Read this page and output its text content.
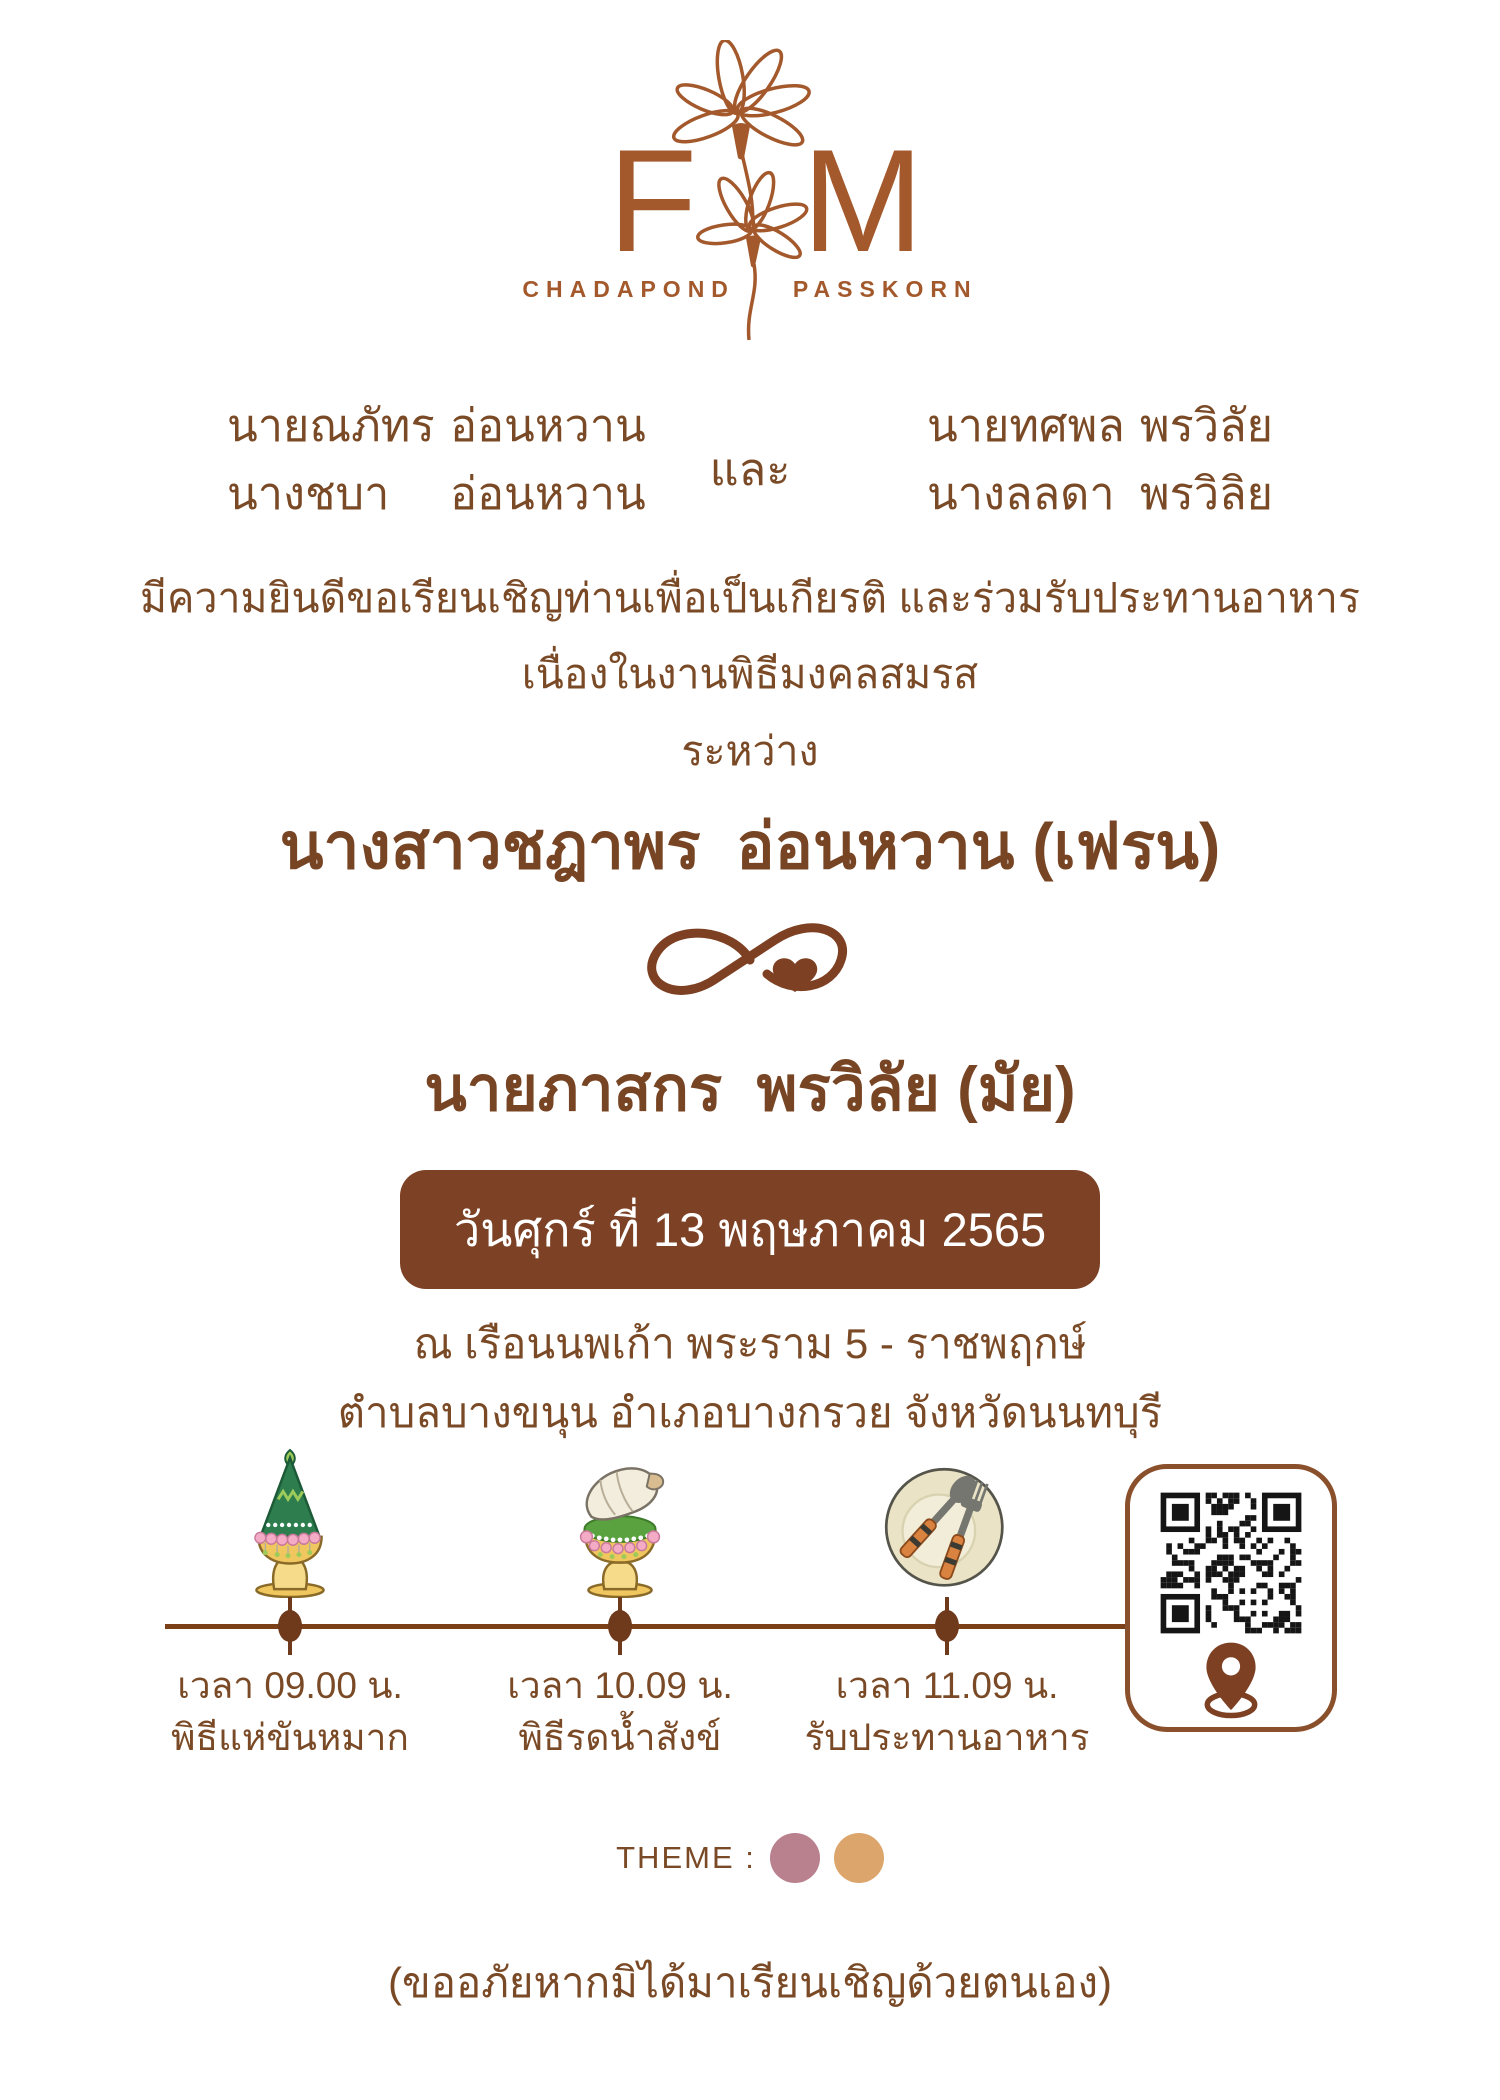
F M
CHADAPOND	PASSKORN
นายณภัทร อ่อนหวาน
นางชบา	อ่อนหวาน และ
นายทศพล พรวิลัย
นางลลดา พรวิลิย
มีความยินดีขอเรียนเชิญท่านเพื่อเป็นเกียรติ และร่วมรับประทานอาหาร
เนื่องในงานพิธีมงคลสมรส
ระหว่าง
นางสาวชฎาพร  อ่อนหวาน (เฟรน)
นายภาสกร  พรวิลัย (มัย)
วันศุกร์ ที่ 13 พฤษภาคม 2565
ณ เรือนนพเก้า พระราม 5 - ราชพฤกษ์
ตำบลบางขนุน อำเภอบางกรวย จังหวัดนนทบุรี
เวลา 09.00 น.
พิธีแห่ขันหมาก
เวลา 10.09 น.
พิธีรดน้ำสังข์
เวลา 11.09 น.
รับประทานอาหาร
THEME :
(ขออภัยหากมิได้มาเรียนเชิญด้วยตนเอง)
